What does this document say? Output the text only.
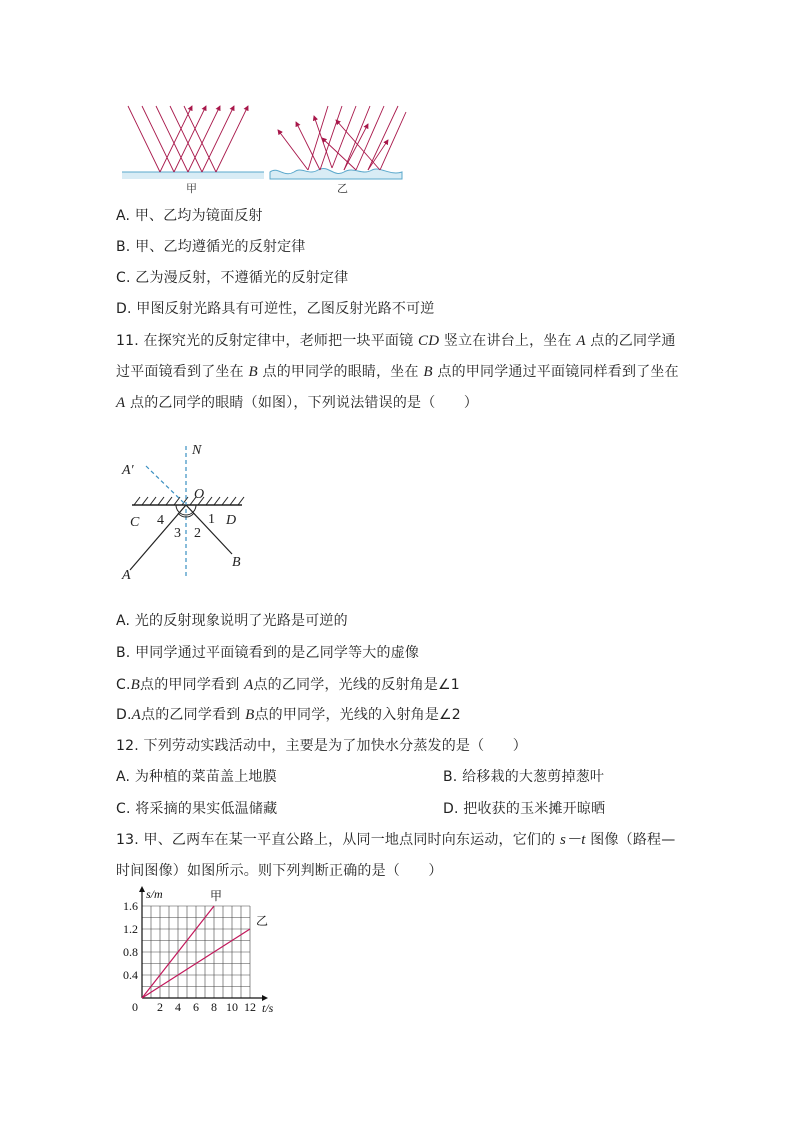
甲	乙
A. 甲、乙均为镜面反射
B. 甲、乙均遵循光的反射定律
C. 乙为漫反射，不遵循光的反射定律
D. 甲图反射光路具有可逆性，乙图反射光路不可逆
11. 在探究光的反射定律中，老师把一块平面镜 CD 竖立在讲台上，坐在 A 点的乙同学通
过平面镜看到了坐在 B 点的甲同学的眼睛，坐在 B 点的甲同学通过平面镜同样看到了坐在
A 点的乙同学的眼睛（如图），下列说法错误的是（　　）
N
A′
O
C 4	1 D
3 2
B
A
A. 光的反射现象说明了光路是可逆的
B. 甲同学通过平面镜看到的是乙同学等大的虚像
C.B点的甲同学看到 A点的乙同学，光线的反射角是∠1
D.A点的乙同学看到 B点的甲同学，光线的入射角是∠2
12. 下列劳动实践活动中，主要是为了加快水分蒸发的是（　　）
A. 为种植的菜苗盖上地膜	B. 给移栽的大葱剪掉葱叶
C. 将采摘的果实低温储藏	D. 把收获的玉米摊开晾晒
13. 甲、乙两车在某一平直公路上，从同一地点同时向东运动，它们的 s－t 图像（路程—
时间图像）如图所示。则下列判断正确的是（　　）
0 2 4 6 8 10 12
0.4
0.8
1.2
1.6
t/s
s/m	甲
乙
